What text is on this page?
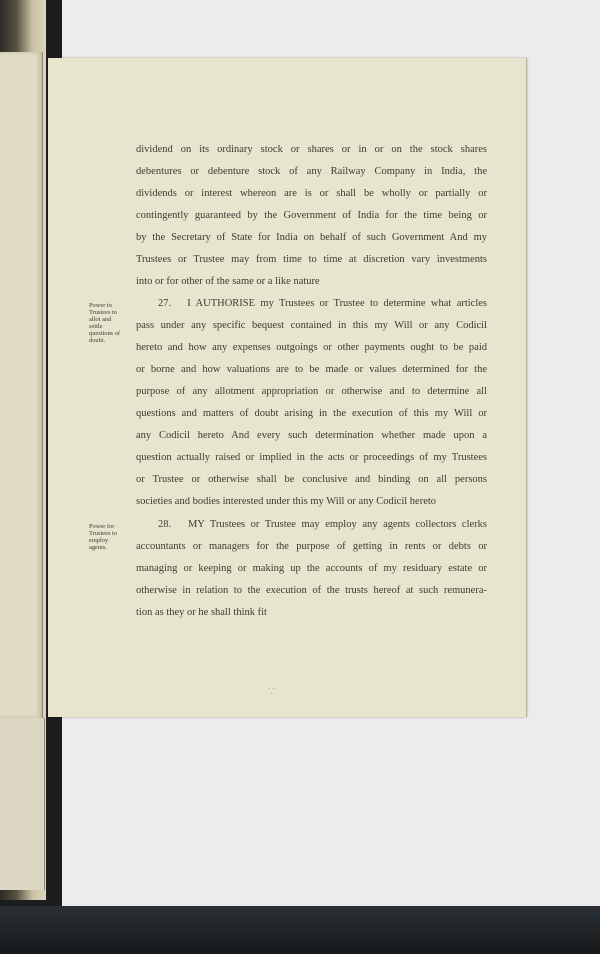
dividend on its ordinary stock or shares or in or on the stock shares

debentures or debenture stock of any Railway Company in India, the

dividends or interest whereon are is or shall be wholly or partially or

contingently guaranteed by the Government of India for the time being or

by the Secretary of State for India on behalf of such Government And my

Trustees or Trustee may from time to time at discretion vary investments

into or for other of the same or a like nature

Power to
Trustees to
allot and
settle
questions of
doubt.

27. I AUTHORISE my Trustees or Trustee to determine what articles

pass under any specific bequest contained in this my Will or any Codicil

hereto and how any expenses outgoings or other payments ought to be paid

or borne and how valuations are to be made or values determined for the

purpose of any allotment appropriation or otherwise and to determine all

questions and matters of doubt arising in the execution of this my Will or

any Codicil hereto And every such determination whether made upon a

question actually raised or implied in the acts or proceedings of my Trustees

or Trustee or otherwise shall be conclusive and binding on all persons

societies and bodies interested under this my Will or any Codicil hereto

Power for
Trustees to
employ
agents.

28. MY Trustees or Trustee may employ any agents collectors clerks

accountants or managers for the purpose of getting in rents or debts or

managing or keeping or making up the accounts of my residuary estate or

otherwise in relation to the execution of the trusts hereof at such remunera-

tion as they or he shall think fit

⸪
